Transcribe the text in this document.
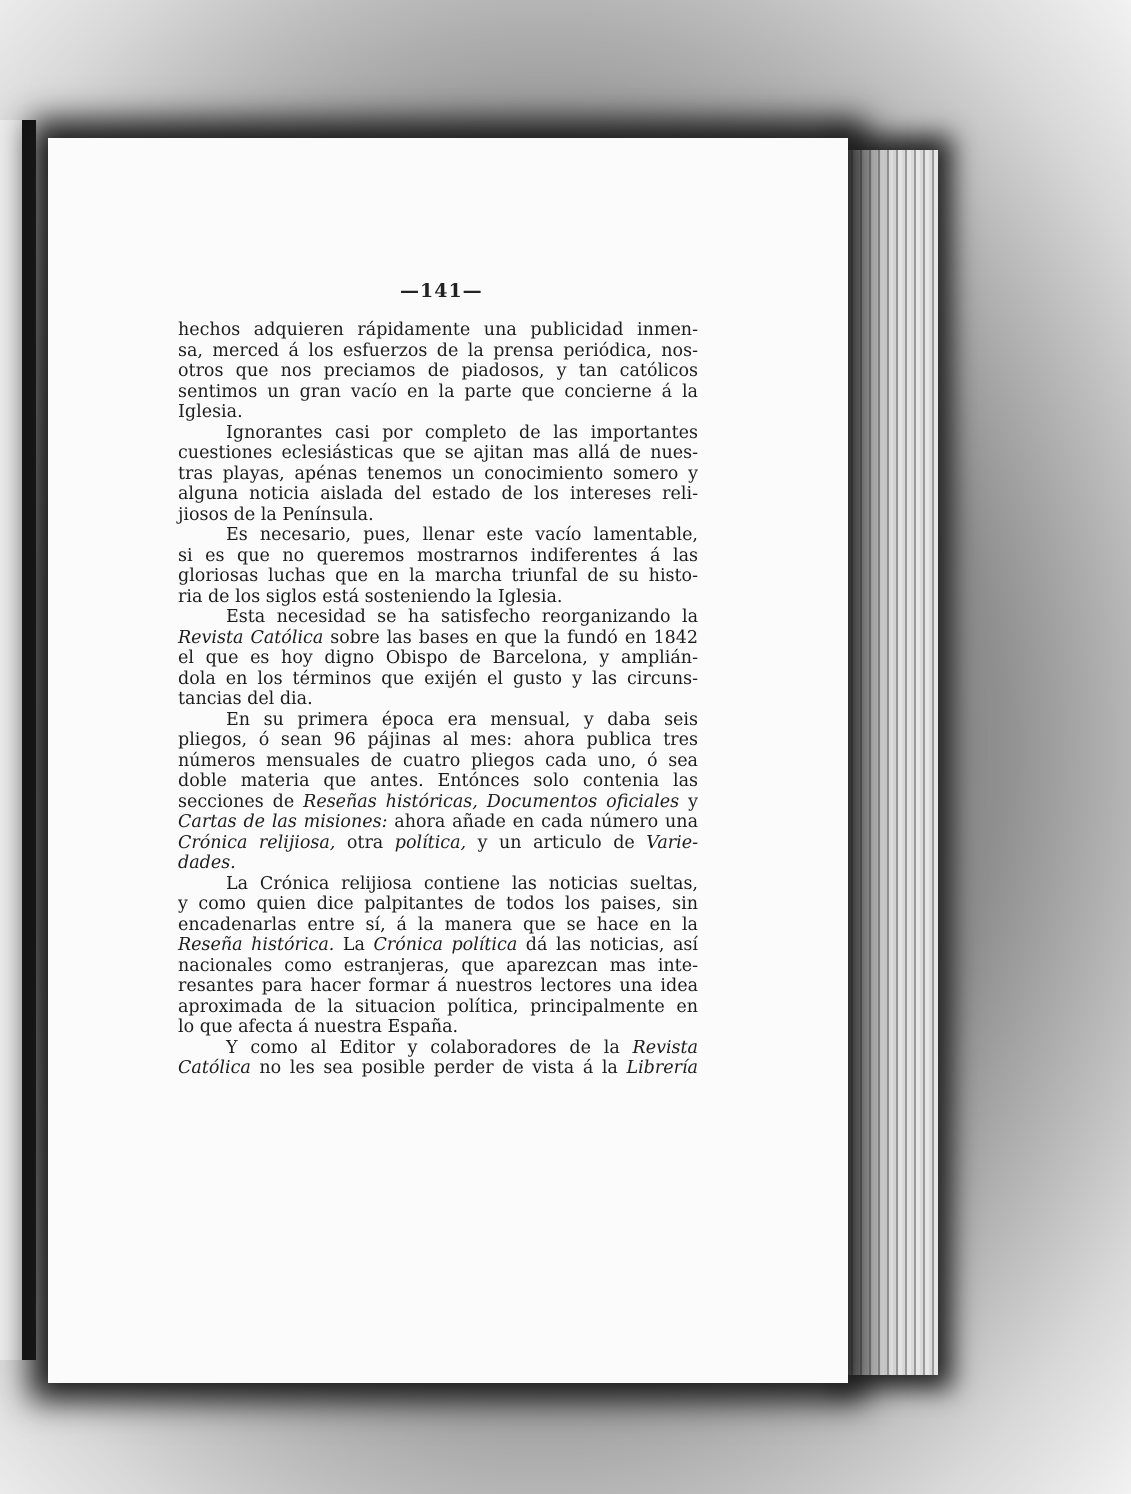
—141—
hechos adquieren rápidamente una publicidad inmen-
sa, merced á los esfuerzos de la prensa periódica, nos-
otros que nos preciamos de piadosos, y tan católicos
sentimos un gran vacío en la parte que concierne á la
Iglesia.
Ignorantes casi por completo de las importantes
cuestiones eclesiásticas que se ajitan mas allá de nues-
tras playas, apénas tenemos un conocimiento somero y
alguna noticia aislada del estado de los intereses reli-
jiosos de la Península.
Es necesario, pues, llenar este vacío lamentable,
si es que no queremos mostrarnos indiferentes á las
gloriosas luchas que en la marcha triunfal de su histo-
ria de los siglos está sosteniendo la Iglesia.
Esta necesidad se ha satisfecho reorganizando la
Revista Católica sobre las bases en que la fundó en 1842
el que es hoy digno Obispo de Barcelona, y amplián-
dola en los términos que exijén el gusto y las circuns-
tancias del dia.
En su primera época era mensual, y daba seis
pliegos, ó sean 96 pájinas al mes: ahora publica tres
números mensuales de cuatro pliegos cada uno, ó sea
doble materia que antes. Entónces solo contenia las
secciones de Reseñas históricas, Documentos oficiales y
Cartas de las misiones: ahora añade en cada número una
Crónica relijiosa, otra política, y un articulo de Varie-
dades.
La Crónica relijiosa contiene las noticias sueltas,
y como quien dice palpitantes de todos los paises, sin
encadenarlas entre sí, á la manera que se hace en la
Reseña histórica. La Crónica política dá las noticias, así
nacionales como estranjeras, que aparezcan mas inte-
resantes para hacer formar á nuestros lectores una idea
aproximada de la situacion política, principalmente en
lo que afecta á nuestra España.
Y como al Editor y colaboradores de la Revista
Católica no les sea posible perder de vista á la Librería
